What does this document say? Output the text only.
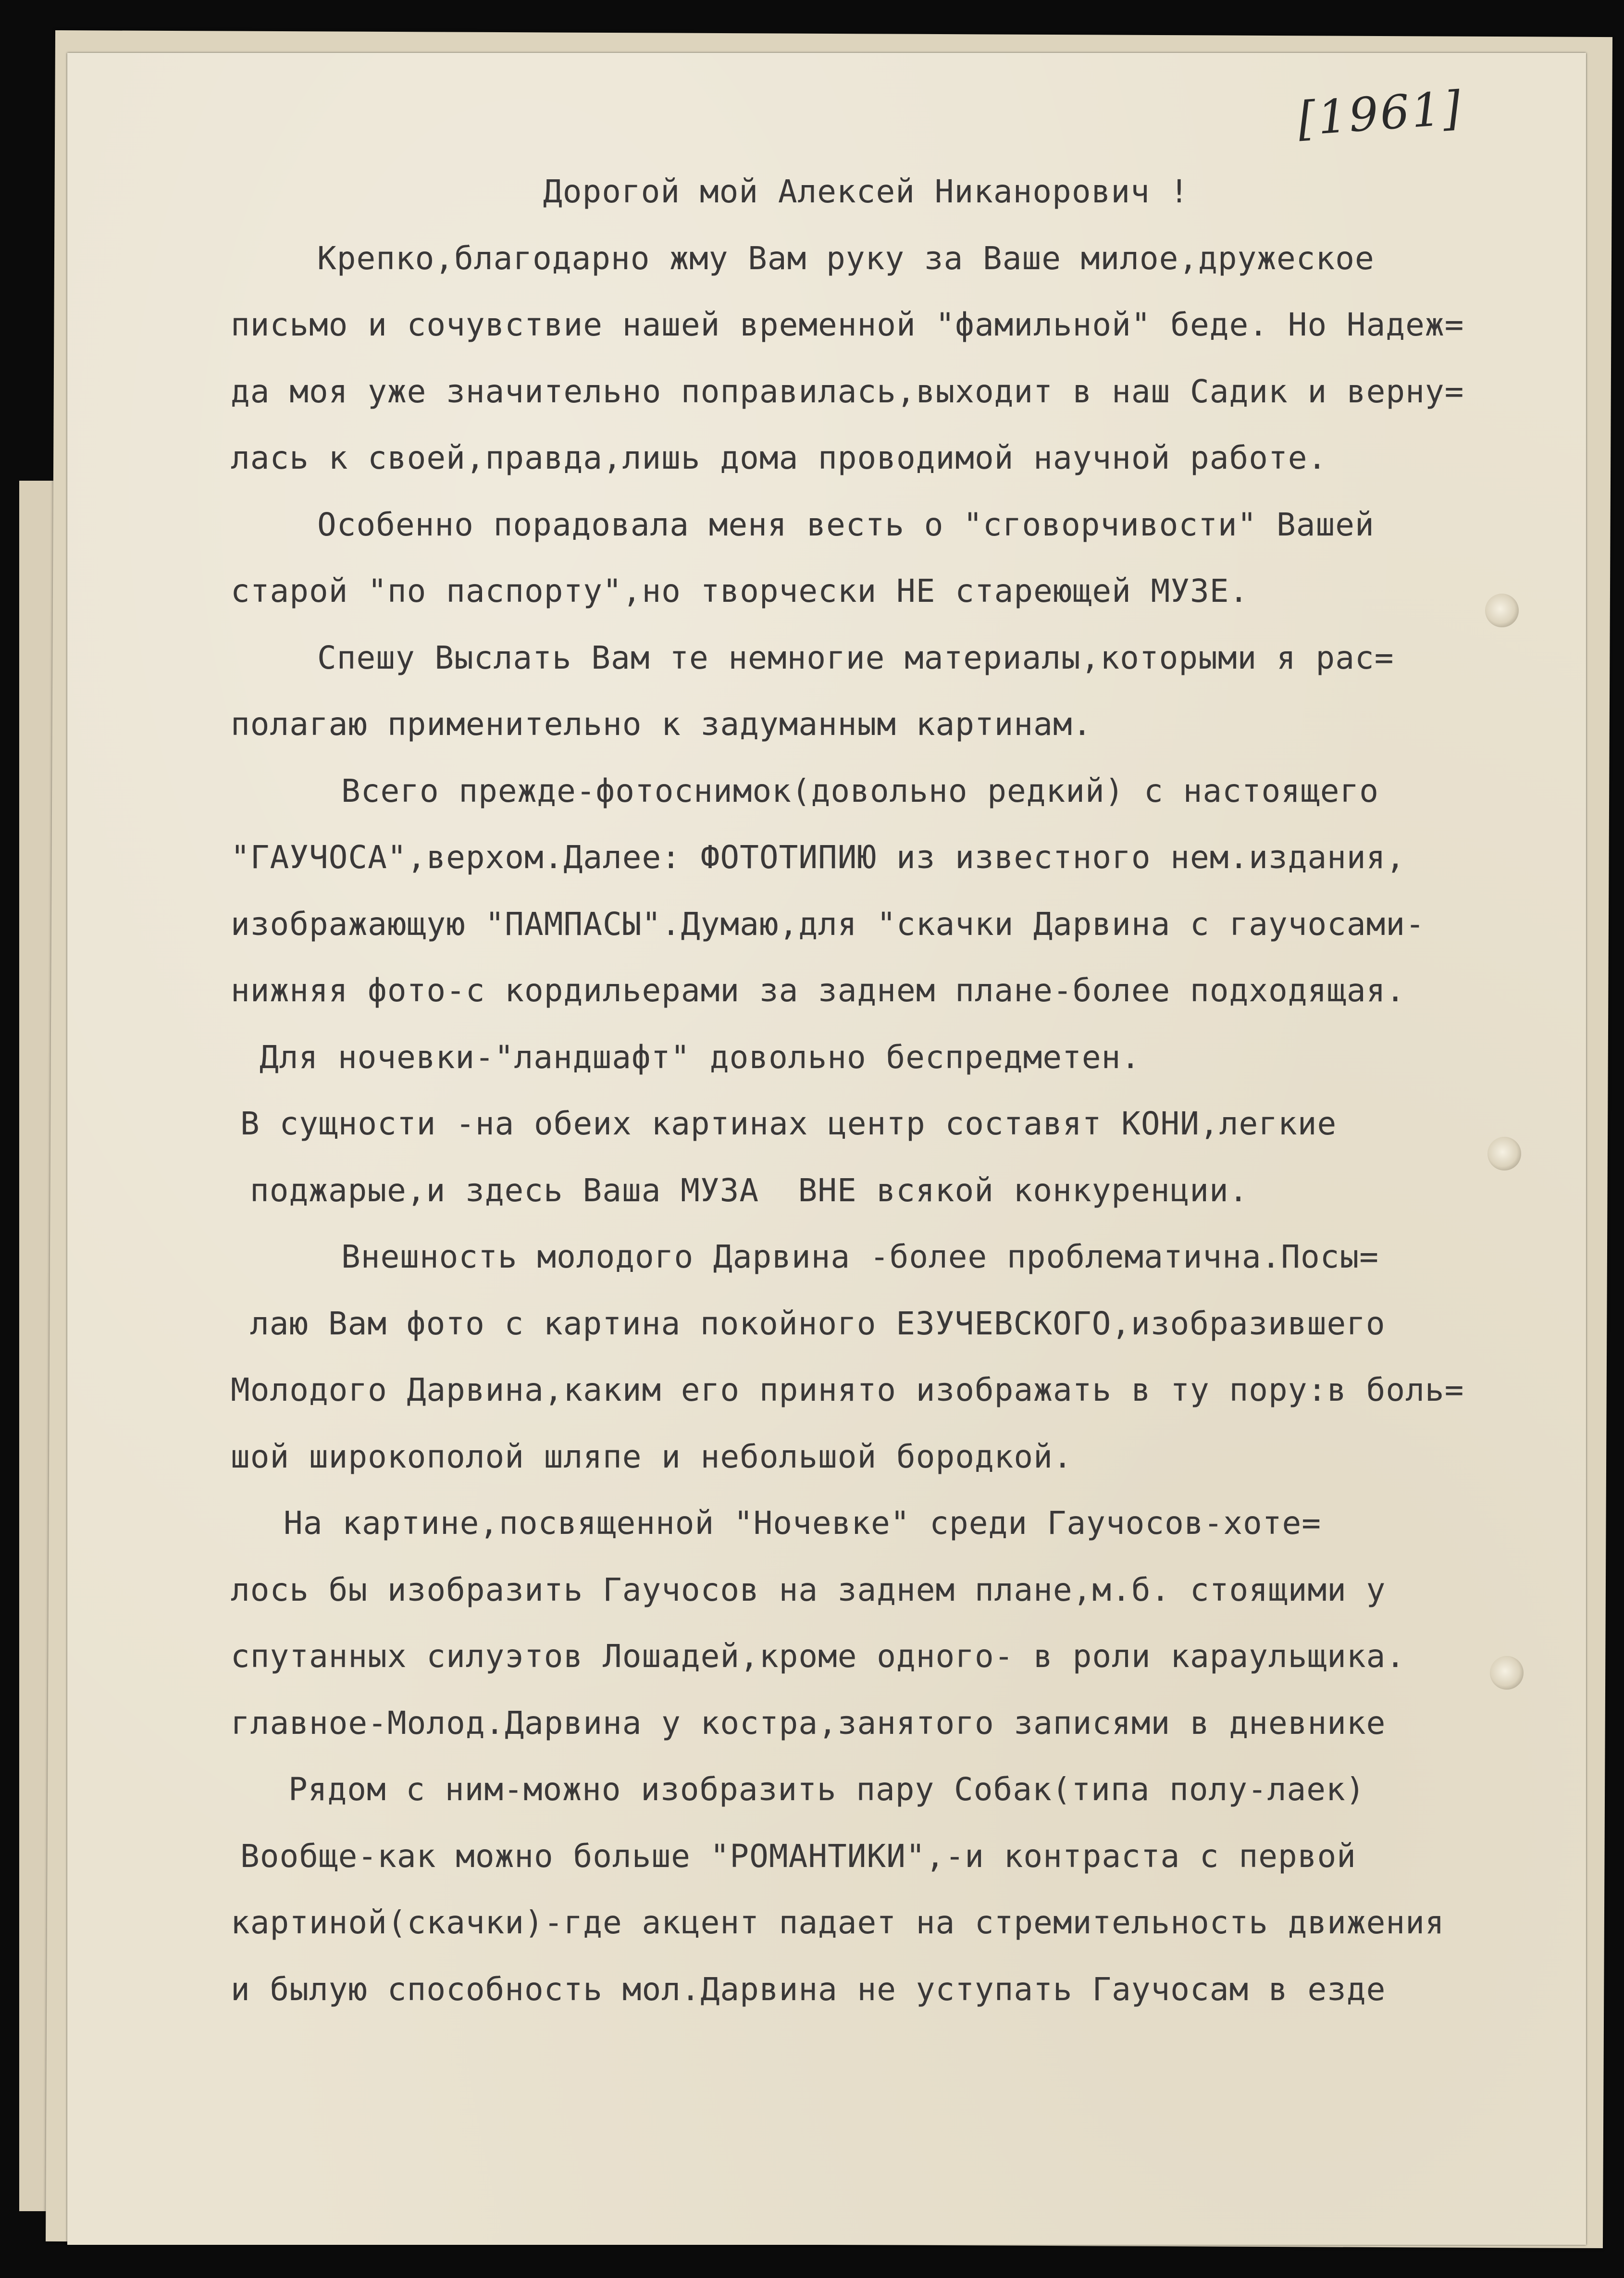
[1961]
Дорогой мой Алексей Никанорович !
Крепко,благодарно жму Вам руку за Ваше милое,дружеское
письмо и сочувствие нашей временной "фамильной" беде. Но Надеж=
да моя уже значительно поправилась,выходит в наш Садик и верну=
лась к своей,правда,лишь дома проводимой научной работе.
Особенно порадовала меня весть о "сговорчивости" Вашей
старой "по паспорту",но творчески НЕ стареющей МУЗЕ.
Спешу Выслать Вам те немногие материалы,которыми я рас=
полагаю применительно к задуманным картинам.
Всего прежде-фотоснимок(довольно редкий) с настоящего
"ГАУЧОСА",верхом.Далее: ФОТОТИПИЮ из известного нем.издания,
изображающую "ПАМПАСЫ".Думаю,для "скачки Дарвина с гаучосами-
нижняя фото-с кордильерами за заднем плане-более подходящая.
Для ночевки-"ландшафт" довольно беспредметен.
В сущности -на обеих картинах центр составят КОНИ,легкие
поджарые,и здесь Ваша МУЗА  ВНЕ всякой конкуренции.
Внешность молодого Дарвина -более проблематична.Посы=
лаю Вам фото с картина покойного ЕЗУЧЕВСКОГО,изобразившего
Молодого Дарвина,каким его принято изображать в ту пору:в боль=
шой широкополой шляпе и небольшой бородкой.
На картине,посвященной "Ночевке" среди Гаучосов-хоте=
лось бы изобразить Гаучосов на заднем плане,м.б. стоящими у
спутанных силуэтов Лошадей,кроме одного- в роли караульщика.
главное-Молод.Дарвина у костра,занятого записями в дневнике
Рядом с ним-можно изобразить пару Собак(типа полу-лаек)
Вообще-как можно больше "РОМАНТИКИ",-и контраста с первой
картиной(скачки)-где акцент падает на стремительность движения
и былую способность мол.Дарвина не уступать Гаучосам в езде
